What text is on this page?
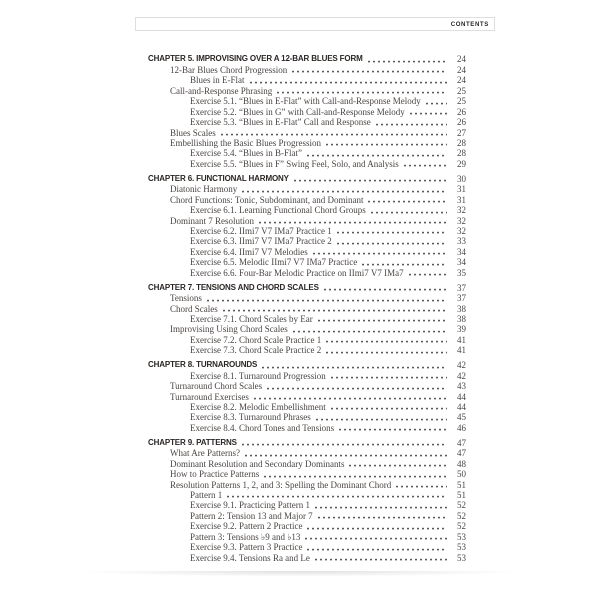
CONTENTS
CHAPTER 5. IMPROVISING OVER A 12-BAR BLUES FORM	24
12-Bar Blues Chord Progression	24
Blues in E-Flat	24
Call-and-Response Phrasing	25
Exercise 5.1. “Blues in E-Flat” with Call-and-Response Melody	25
Exercise 5.2. “Blues in G” with Call-and-Response Melody	26
Exercise 5.3. “Blues in E-Flat” Call and Response	26
Blues Scales	27
Embellishing the Basic Blues Progression	28
Exercise 5.4. “Blues in B-Flat”	28
Exercise 5.5. “Blues in F” Swing Feel, Solo, and Analysis	29
CHAPTER 6. FUNCTIONAL HARMONY	30
Diatonic Harmony	31
Chord Functions: Tonic, Subdominant, and Dominant	31
Exercise 6.1. Learning Functional Chord Groups	32
Dominant 7 Resolution	32
Exercise 6.2. IImi7 V7 IMa7 Practice 1	32
Exercise 6.3. IImi7 V7 IMa7 Practice 2	33
Exercise 6.4. IImi7 V7 Melodies	34
Exercise 6.5. Melodic IImi7 V7 IMa7 Practice	34
Exercise 6.6. Four-Bar Melodic Practice on IImi7 V7 IMa7	35
CHAPTER 7. TENSIONS AND CHORD SCALES	37
Tensions	37
Chord Scales	38
Exercise 7.1. Chord Scales by Ear	38
Improvising Using Chord Scales	39
Exercise 7.2. Chord Scale Practice 1	41
Exercise 7.3. Chord Scale Practice 2	41
CHAPTER 8. TURNAROUNDS	42
Exercise 8.1. Turnaround Progression	42
Turnaround Chord Scales	43
Turnaround Exercises	44
Exercise 8.2. Melodic Embellishment	44
Exercise 8.3. Turnaround Phrases	45
Exercise 8.4. Chord Tones and Tensions	46
CHAPTER 9. PATTERNS	47
What Are Patterns?	47
Dominant Resolution and Secondary Dominants	48
How to Practice Patterns	50
Resolution Patterns 1, 2, and 3: Spelling the Dominant Chord	51
Pattern 1	51
Exercise 9.1. Practicing Pattern 1	52
Pattern 2: Tension 13 and Major 7	52
Exercise 9.2. Pattern 2 Practice	52
Pattern 3: Tensions ♭9 and ♭13	53
Exercise 9.3. Pattern 3 Practice	53
Exercise 9.4. Tensions Ra and Le	53
